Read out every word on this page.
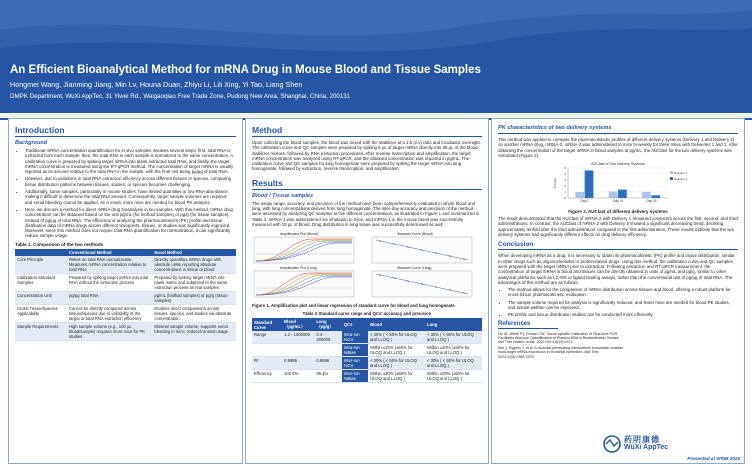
An Efficient Bioanalytical Method for mRNA Drug in Mouse Blood and Tissue Samples
Hongmei Wang, Jianming Jiang, Min Lv, Houna Duan, Zhiyu Li, Lili Xing, Yi Tao, Liang Shen
DMPK Department, WuXi AppTec, 31 Yiwei Rd., Waigaoqiao Free Trade Zone, Pudong New Area, Shanghai, China, 200131
Introduction
Background
• Traditional mRNA concentration quantification for in vivo samples involves several steps: first, total RNA is extracted from each sample; then, the total RNA in each sample is normalized to the same concentration. A calibration curve is prepared by spiking target mRNA into blank extracted total RNA, and finally, the target mRNA concentration is measured using the RT-qPCR method. The concentration of target mRNA is usually reported as its amount relative to the total RNA in the sample, with the final unit being pg/μg of total RNA.
• However, due to variations in total RNA extraction efficiency across different tissues or species, comparing tissue distribution patterns between tissues, studies, or species becomes challenging.
• Additionally, some samples, particularly in mouse studies, have limited quantities or low RNA abundance, making it difficult to determine the total RNA amount. Consequently, target sample volumes are required, and serial bleeding cannot be applied. As a result, more mice are needed for blood PK analysis.
• Here, we discuss a method for direct mRNA drug bioanalysis in bio-samples. With this method, mRNA drug concentration can be obtained based on the unit pg/mL (for biofluid samples) or pg/g (for tissue samples), instead of pg/μg of total RNA. The efficiency of analyzing the pharmacokinetics (PK) profile and tissue distribution data of mRNA drugs across different timepoints, tissues, or studies was significantly improved. Moreover, since this method does not require total RNA quantification for normalization, it can significantly reduce sample usage.
Table 1. Comparison of the two methods
	Conventional Method	Novel Method
Core Principle	Relies on total RNA normalization. Measures mRNA concentration relative to total RNA	Directly quantifies mRNA drugs with absolute units, reporting absolute concentrations in tissue or blood
Calibration Standard Samples	Prepared by spiking target mRNA into total RNA without the extraction process	Prepared by spiking target mRNA into blank matrix and subjected to the same extraction process as real samples
Concentration Unit	pg/μg total RNA	pg/mL (biofluid samples) or pg/g (tissue samples)
Cross-Tissue/Species Applicability	Cannot be directly compared across tissues/species due to variability of the target or total RNA extraction efficiency	Enables direct comparisons across tissues, species, and studies via absolute concentration
Sample Requirements	High sample volume (e.g., 100 μL blood/sample) requires more mice for PK studies	Minimal sample volume; supports serial bleeding in mice, reduces animal usage
Method

Upon collecting the blood samples, the blood was mixed with the stabilizer at a 1:5 (v:v) ratio and incubated overnight. The calibration curve and QC samples were prepared by spiking 5 μL of target mRNA directly into 95 μL of the blood-stabilizer mixture, followed by RNA extraction procedures. After reverse transcription and amplification, the target mRNA concentration was analyzed using RT-qPCR, and the obtained concentration was reported in pg/mL. The calibration curve and QC samples for lung homogenate were prepared by spiking the target mRNA into lung homogenate, followed by extraction, reverse transcription, and amplification.

Results
Blood / Tissue samples

The assay range, accuracy, and precision of the method have been comprehensively evaluated in whole blood and lung, with lung concentrations derived from lung homogenate. The inter-day accuracy and precision of the method were assessed by analyzing QC samples at five different concentrations, as illustrated in Figure 1 and summarized in Table 2. mRNA-1 was administered via inhalation to mice, and mRNA-1 in the mouse blood was successfully measured with 15 μL of blood. Drug distribution in lung tissue was successfully determined as well.

Amplification Plot (Blood)	Standard Curve (Blood)
Amplification Plot (Lung)	Standard Curve (Lung)
Figure 1. Amplification plot and linear regression of standard curve for blood and lung homogenate
Table 2 Standard curve range and QCs' accuracy and precision
Standard Curve	Blood（pg/mL）	Lung（pg/g）	QCs	Blood	Lung
Range	1.2 - 1500000	0.4 - 200000	Intra-run %CV	< 30% ( < 50% for ULOQ and LLOQ )	< 30% ( < 50% for ULOQ and LLOQ )
			Intra-run %Bias	Within ±30% (±50% for ULOQ and LLOQ )	Within ±30% (±50% for ULOQ and LLOQ )
R²	0.9995	0.9996	Inter-run %CV	< 30% ( < 50% for ULOQ and LLOQ )	< 30% ( < 50% for ULOQ and LLOQ )
Efficiency	102.6%	99.4%	Inter-run %Bias	Within ±30% (±50% for ULOQ and LLOQ )	Within ±30% (±50% for ULOQ and LLOQ )
PK characteristics of two delivery systems

This method was applied to compare the pharmacokinetic profiles of different delivery systems (Delivery 1 and Delivery 2) on another mRNA drug, mRNA-2. mRNA-2 was administered to mice bi-weekly for three times with Deliveries 1 and 2. After obtaining the concentration of the target mRNA in blood samples at pg/mL, the AUClast for the two delivery systems was calculated (Figure 2).

AUClast of Two Delivery Systems
0
1
2
3
4
5
AUClast
Day 1	Day 15	Day 29
Delivery 1
Delivery 2
Figure 2. AUClast of different delivery systems

The result demonstrated that the AUClast of mRNA-2 with Delivery 1 remained consistent across the first, second, and third administrations. In contrast, the AUClast of mRNA-2 with Delivery 2 showed a significant decreasing trend, declining approximately tenfold after the third administration compared to the first administration. These results indicate that the two delivery systems had significantly different effects on drug delivery efficiency.

Conclusion

When developing mRNA as a drug, it is necessary to obtain its pharmacokinetic (PK) profile and tissue distribution, similar to other drugs such as oligonucleotides or protein-based drugs. Using this method, the calibration curve and QC samples were prepared with the target mRNA prior to extraction. Following extraction and RT-qPCR measurement, the concentration of target mRNA in blood and tissues can be directly obtained in units of pg/mL and pg/g, similar to other analytical platforms such as LC-MS or ligand binding assays, rather than the conventional unit of pg/μg of total RNA. The advantages of this method are as follows:

• The method allows for the comparison of mRNA distribution across tissues and blood, offering a robust platform for cross-tissue pharmacokinetic evaluation.
• The sample volume required for analysis is significantly reduced, and fewer mice are needed for blood PK studies, and animal welfare can be improved.
• PK profile and tissue distribution studies can be conducted more efficiently.
References

Ho JK, White PJ, Pouton CW. Tissue-specific Calibration of Real-time PCR Facilitates Absolute Quantification of Plasmid DNA in Biodistribution Studies. Mol Ther Nucleic Acids. 2016 Oct 4;5(10):e371.

Kim J, Eygeris Y, et al. A mucosal-penetrating nanoparticle formulation enables multi-target mRNA expression in bronchial epithelium. Mol Ther. 2023;31(8):2360-2375.

药明康德
WuXi AppTec
Presented at WRIB 2025
